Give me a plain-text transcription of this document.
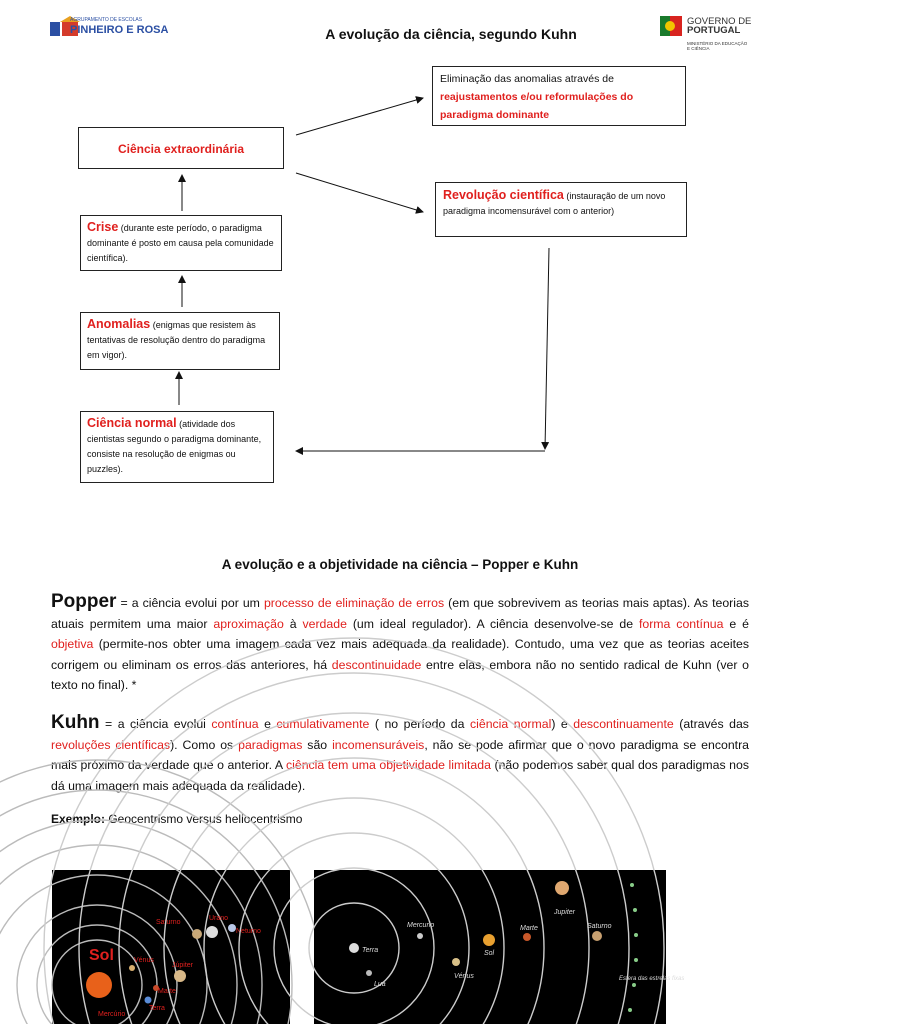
AGRUPAMENTO DE ESCOLAS
PINHEIRO E ROSA
GOVERNO DE
PORTUGAL
MINISTÉRIO DA EDUCAÇÃO
E CIÊNCIA
A evolução da ciência, segundo Kuhn
Ciência extraordinária
Crise (durante este período, o paradigma dominante é posto em causa pela comunidade científica).
Anomalias (enigmas que resistem às tentativas de resolução dentro do paradigma em vigor).
Ciência normal (atividade dos cientistas segundo o paradigma dominante, consiste na resolução de enigmas ou puzzles).
Eliminação das anomalias através de reajustamentos e/ou reformulações do paradigma dominante
Revolução científica (instauração de um novo paradigma incomensurável com o anterior)
A evolução e a objetividade na ciência – Popper e Kuhn
Popper = a ciência evolui por um processo de eliminação de erros (em que sobrevivem as teorias mais aptas). As teorias atuais permitem uma maior aproximação à verdade (um ideal regulador). A ciência desenvolve-se de forma contínua e é objetiva (permite-nos obter uma imagem cada vez mais adequada da realidade). Contudo, uma vez que as teorias aceites corrigem ou eliminam os erros das anteriores, há descontinuidade entre elas, embora não no sentido radical de Kuhn (ver o texto no final). *
Kuhn = a ciência evolui contínua e cumulativamente ( no período da ciência normal) e descontinuamente (através das revoluções científicas). Como os paradigmas são incomensuráveis, não se pode afirmar que o novo paradigma se encontra mais próximo da verdade que o anterior. A ciência tem uma objetividade limitada (não podemos saber qual dos paradigmas nos dá uma imagem mais adequada da realidade).
Exemplo: Geocentrismo versus heliocentrismo
Sol
Saturno
Urano
Neturno
Vénus
Júpiter
Marte
Terra
Mercúrio
Terra
Lua
Mercurio
Vénus
Sol
Marte
Jupiter
Saturno
Esfera das estrelas fixas
